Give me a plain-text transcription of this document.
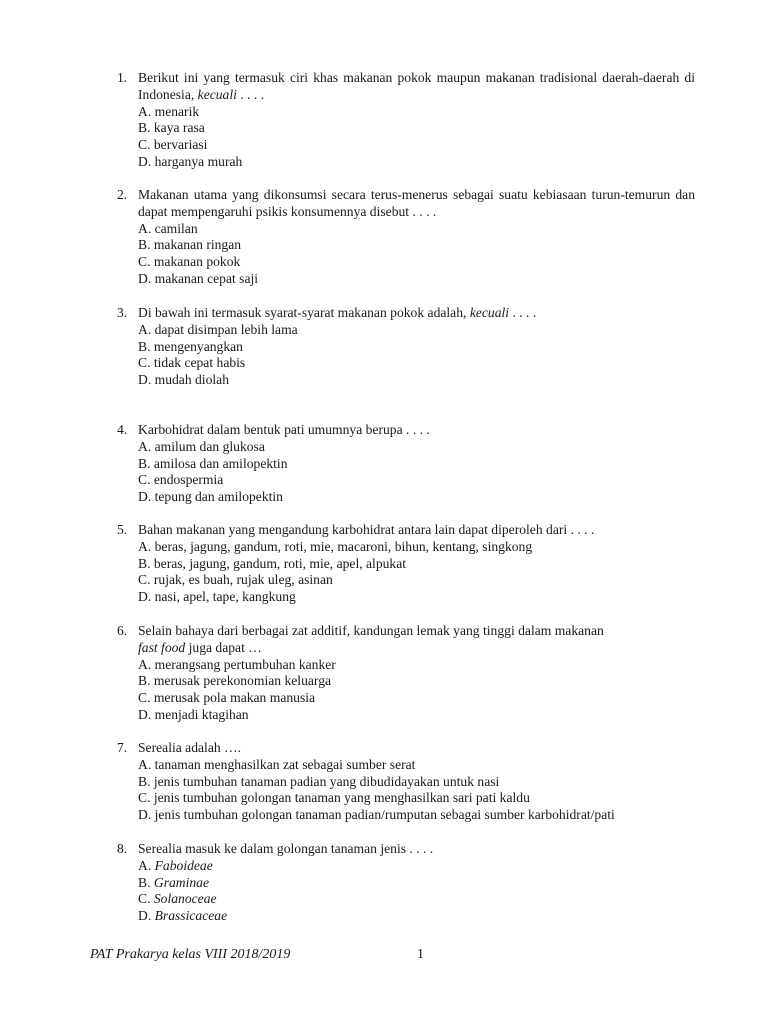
1. Berikut ini yang termasuk ciri khas makanan pokok maupun makanan tradisional daerah-daerah di Indonesia, kecuali . . . .
A. menarik
B. kaya rasa
C. bervariasi
D. harganya murah
2. Makanan utama yang dikonsumsi secara terus-menerus sebagai suatu kebiasaan turun-temurun dan dapat mempengaruhi psikis konsumennya disebut . . . .
A. camilan
B. makanan ringan
C. makanan pokok
D. makanan cepat saji
3. Di bawah ini termasuk syarat-syarat makanan pokok adalah, kecuali . . . .
A. dapat disimpan lebih lama
B. mengenyangkan
C. tidak cepat habis
D. mudah diolah
4. Karbohidrat dalam bentuk pati umumnya berupa . . . .
A. amilum dan glukosa
B. amilosa dan amilopektin
C. endospermia
D. tepung dan amilopektin
5. Bahan makanan yang mengandung karbohidrat antara lain dapat diperoleh dari . . . .
A. beras, jagung, gandum, roti, mie, macaroni, bihun, kentang, singkong
B. beras, jagung, gandum, roti, mie, apel, alpukat
C. rujak, es buah, rujak uleg, asinan
D. nasi, apel, tape, kangkung
6. Selain bahaya dari berbagai zat additif, kandungan lemak yang tinggi dalam makanan
fast food juga dapat …
A. merangsang pertumbuhan kanker
B. merusak perekonomian keluarga
C. merusak pola makan manusia
D. menjadi ktagihan
7. Serealia adalah ….
A. tanaman menghasilkan zat sebagai sumber serat
B. jenis tumbuhan tanaman padian yang dibudidayakan untuk nasi
C. jenis tumbuhan golongan tanaman yang menghasilkan sari pati kaldu
D. jenis tumbuhan golongan tanaman padian/rumputan sebagai sumber karbohidrat/pati
8. Serealia masuk ke dalam golongan tanaman jenis . . . .
A. Faboideae
B. Graminae
C. Solanoceae
D. Brassicaceae
PAT Prakarya kelas VIII 2018/2019	1
